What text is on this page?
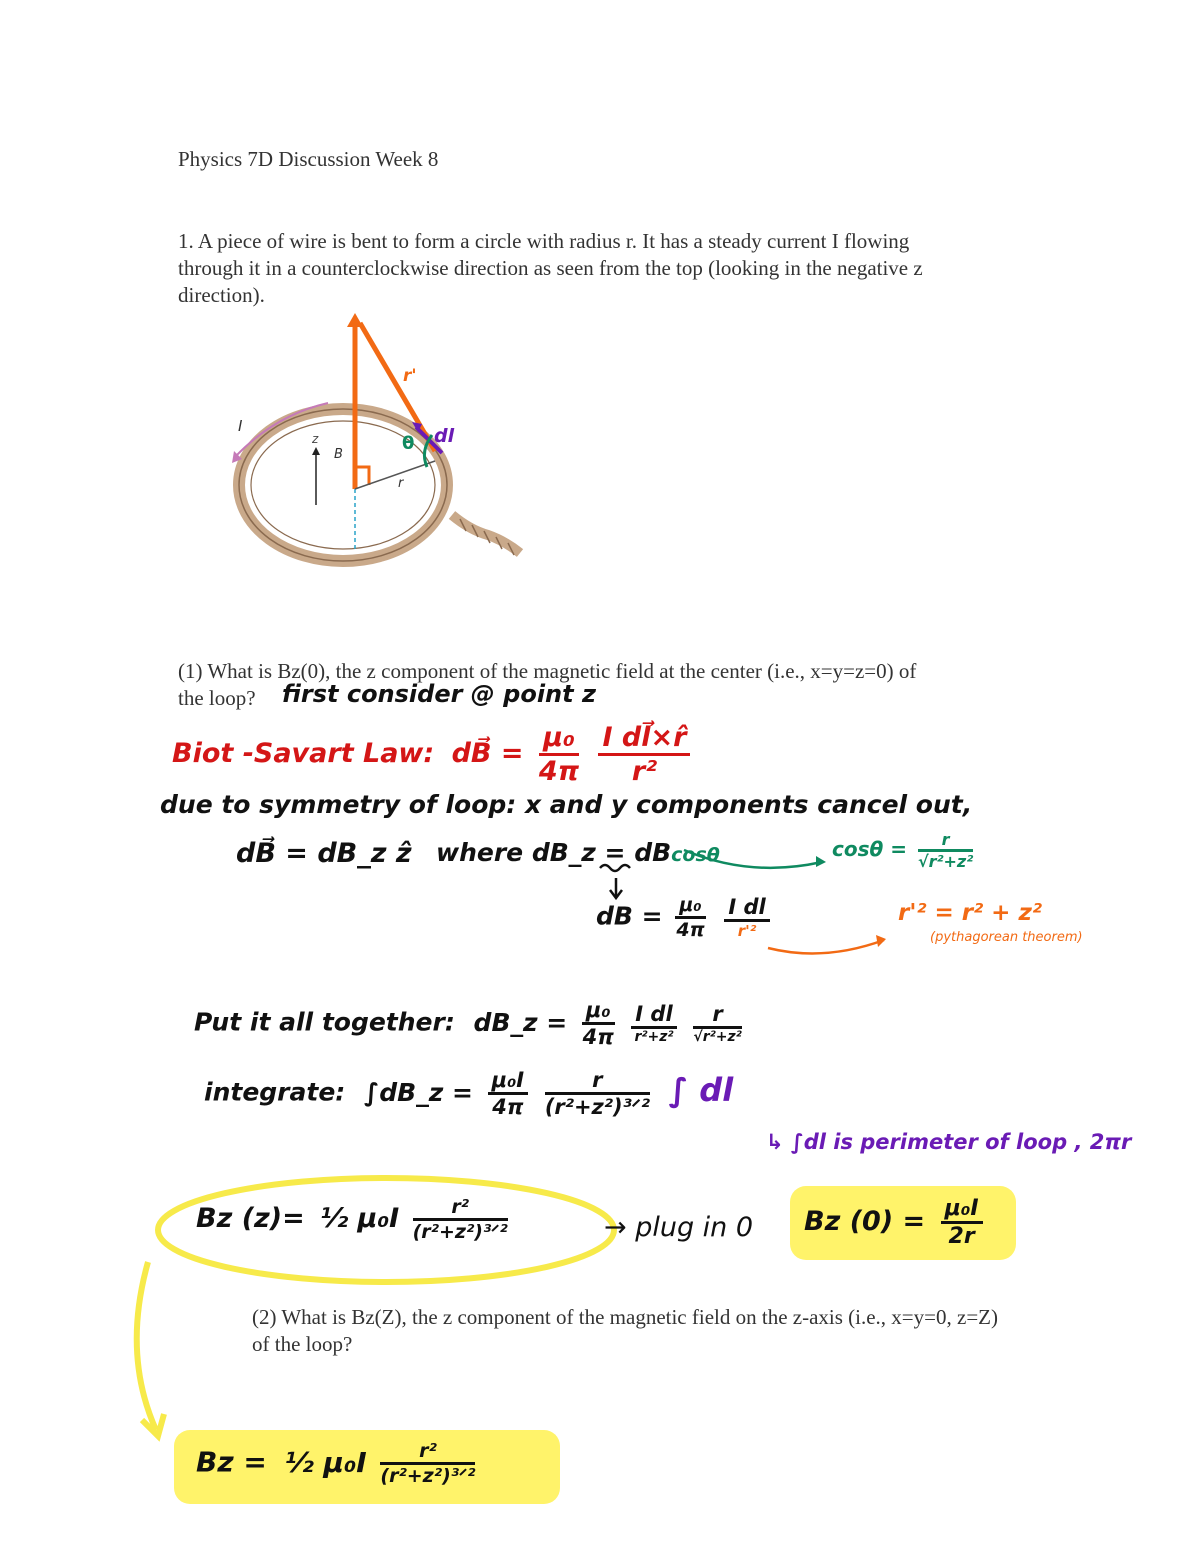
Physics 7D Discussion Week 8

1. A piece of wire is bent to form a circle with radius r. It has a steady current I flowing

through it in a counterclockwise direction as seen from the top (looking in the negative z

direction).

I
z
B
r
r'
dl
θ

(1) What is Bz(0), the z component of the magnetic field at the center (i.e., x=y=z=0) of

the loop? first consider @ point z

Biot -Savart Law: dB⃗ = $\frac{\text{μ₀}}{4\pi}$
$\frac{\text{I dl⃗×r̂}}{\text{r²}}$

due to symmetry of loop: x and y components cancel out,

dB⃗ = dB_z ẑ where dB_z = dBcosθ	$\cos\theta = \frac{r}{\text{√r²+z²}}$
dB = $\frac{\text{μ₀}}{4\pi}$
$\frac{\text{I dl}}{\text{r'²}}$	r'² = r² + z²

(pythagorean theorem)

Put it all together: dB_z = $\frac{\text{μ₀}}{4\pi}$
$\frac{\text{I dl}}{\text{r²+z²}}$
$\frac{r}{\text{√r²+z²}}$
integrate: ∫dB_z = $\frac{\text{μ₀I}}{4\pi}$
$\frac{r}{\text{(r²+z²)³ᐟ²}}$ ∫ dl

↳ ∫dl is perimeter of loop , 2πr

Bz (z)= ½ $\mu_0I \frac{\text{r²}}{\text{(r²+z²)³ᐟ²}}$	→ plug in 0 Bz $(0) = \frac{\text{μ₀I}}{2r}$

(2) What is Bz(Z), the z component of the magnetic field on the z-axis (i.e., x=y=0, z=Z)

of the loop?

Bz = ½ $\mu_0I \frac{\text{r²}}{\text{(r²+z²)³ᐟ²}}$
